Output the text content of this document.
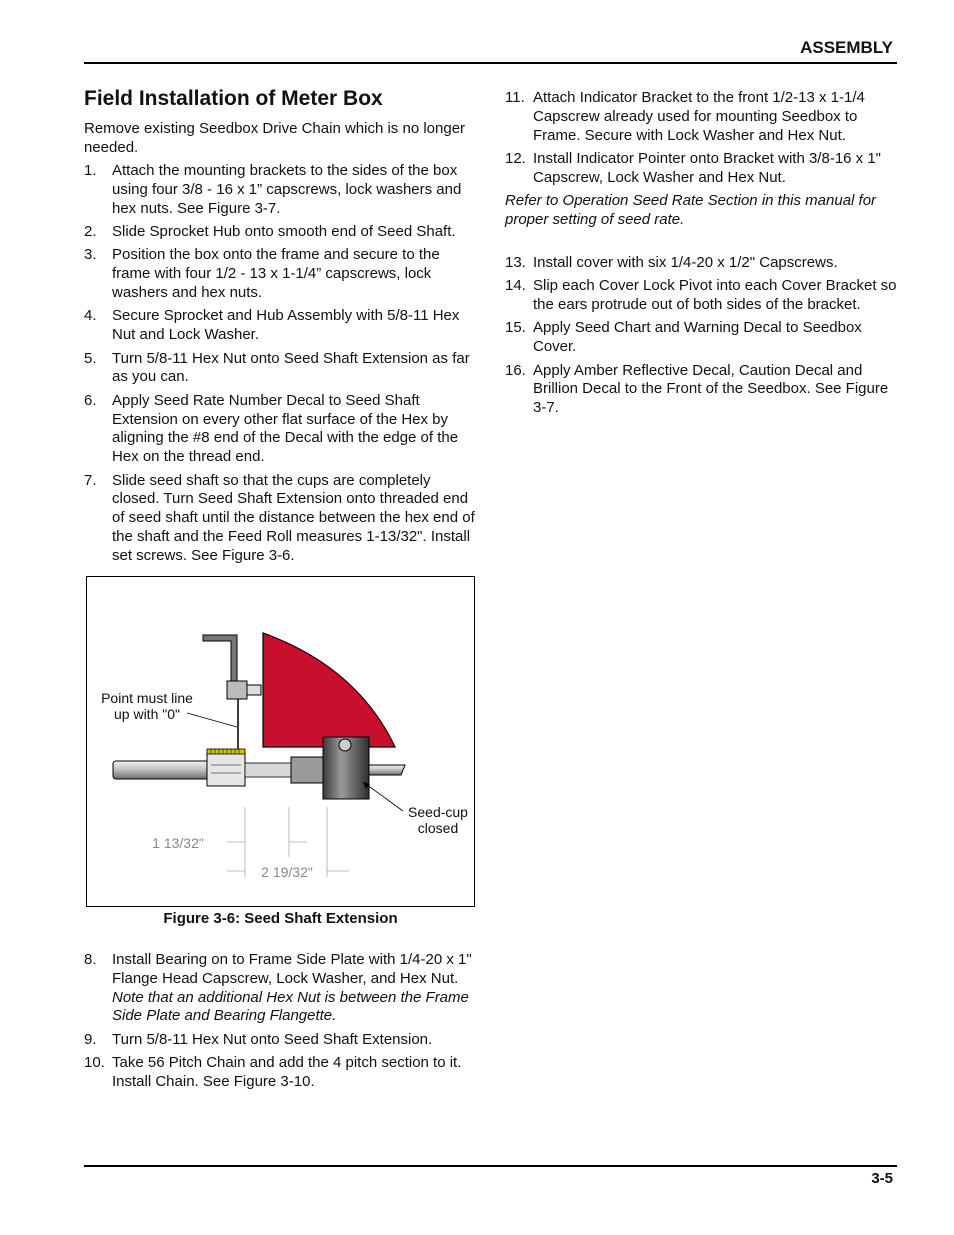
ASSEMBLY
Field Installation of Meter Box

Remove existing Seedbox Drive Chain which is no longer needed.

1. Attach the mounting brackets to the sides of the box using four 3/8 - 16 x 1” capscrews, lock washers and hex nuts. See Figure 3-7.
2. Slide Sprocket Hub onto smooth end of Seed Shaft.
3. Position the box onto the frame and secure to the frame with four 1/2 - 13 x 1-1/4” capscrews, lock washers and hex nuts.
4. Secure Sprocket and Hub Assembly with 5/8-11 Hex Nut and Lock Washer.
5. Turn 5/8-11 Hex Nut onto Seed Shaft Extension as far as you can.
6. Apply Seed Rate Number Decal to Seed Shaft Extension on every other flat surface of the Hex by aligning the #8 end of the Decal with the edge of the Hex on the thread end.
7. Slide seed shaft so that the cups are completely closed. Turn Seed Shaft Extension onto threaded end of seed shaft until the distance between the hex end of the shaft and the Feed Roll measures 1-13/32". Install set screws. See Figure 3-6.
Point must line
up with "0"
Seed-cup
closed
1 13/32"
2 19/32"
Figure 3-6: Seed Shaft Extension
8. Install Bearing on to Frame Side Plate with 1/4-20 x 1" Flange Head Capscrew, Lock Washer, and Hex Nut. Note that an additional Hex Nut is between the Frame Side Plate and Bearing Flangette.
9. Turn 5/8-11 Hex Nut onto Seed Shaft Extension.
10. Take 56 Pitch Chain and add the 4 pitch section to it. Install Chain. See Figure 3-10.
11. Attach Indicator Bracket to the front 1/2-13 x 1-1/4 Capscrew already used for mounting Seedbox to Frame. Secure with Lock Washer and Hex Nut.
12. Install Indicator Pointer onto Bracket with 3/8-16 x 1" Capscrew, Lock Washer and Hex Nut.

Refer to Operation Seed Rate Section in this manual for proper setting of seed rate.

13. Install cover with six 1/4-20 x 1/2" Capscrews.
14. Slip each Cover Lock Pivot into each Cover Bracket so the ears protrude out of both sides of the bracket.
15. Apply Seed Chart and Warning Decal to Seedbox Cover.
16. Apply Amber Reflective Decal, Caution Decal and Brillion Decal to the Front of the Seedbox. See Figure 3-7.
3-5
